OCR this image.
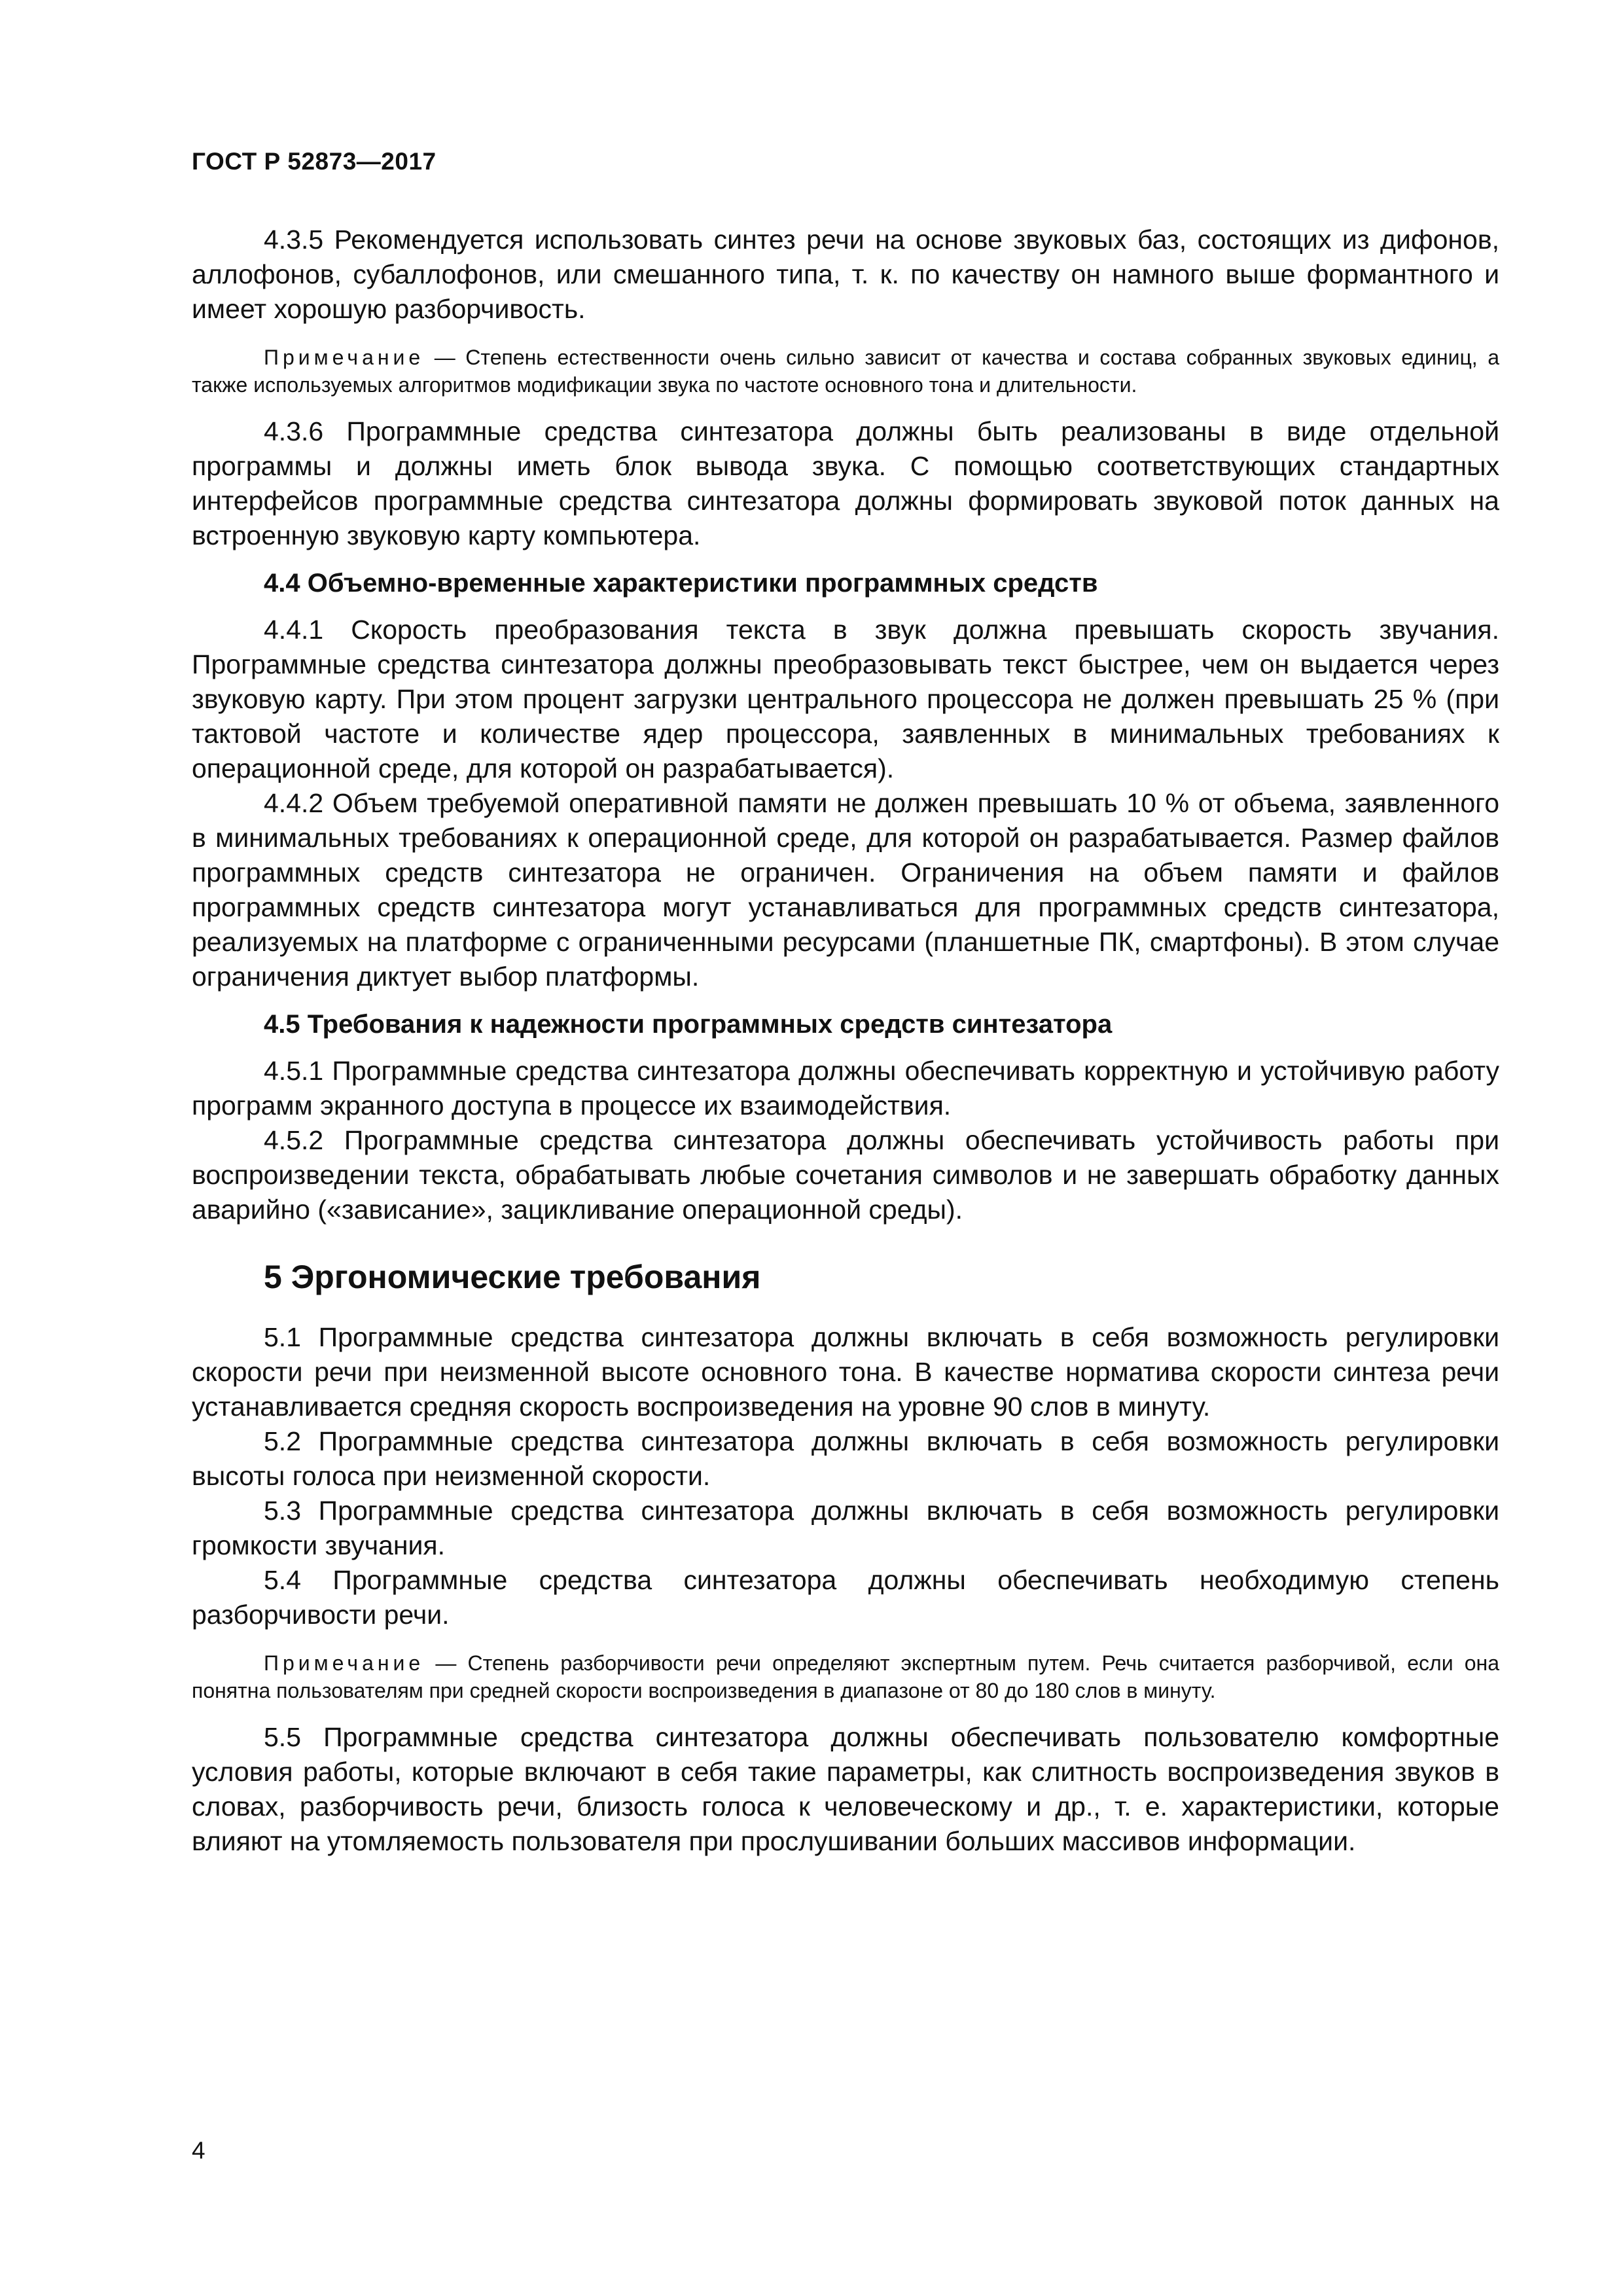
ГОСТ Р 52873—2017

4.3.5 Рекомендуется использовать синтез речи на основе звуковых баз, состоящих из дифонов, аллофонов, субаллофонов, или смешанного типа, т. к. по качеству он намного выше формантного и имеет хорошую разборчивость.

Примечание — Степень естественности очень сильно зависит от качества и состава собранных звуковых единиц, а также используемых алгоритмов модификации звука по частоте основного тона и длительности.

4.3.6 Программные средства синтезатора должны быть реализованы в виде отдельной программы и должны иметь блок вывода звука. С помощью соответствующих стандартных интерфейсов программные средства синтезатора должны формировать звуковой поток данных на встроенную звуковую карту компьютера.

4.4 Объемно-временные характеристики программных средств

4.4.1 Скорость преобразования текста в звук должна превышать скорость звучания. Программные средства синтезатора должны преобразовывать текст быстрее, чем он выдается через звуковую карту. При этом процент загрузки центрального процессора не должен превышать 25 % (при тактовой частоте и количестве ядер процессора, заявленных в минимальных требованиях к операционной среде, для которой он разрабатывается).

4.4.2 Объем требуемой оперативной памяти не должен превышать 10 % от объема, заявленного в минимальных требованиях к операционной среде, для которой он разрабатывается. Размер файлов программных средств синтезатора не ограничен. Ограничения на объем памяти и файлов программных средств синтезатора могут устанавливаться для программных средств синтезатора, реализуемых на платформе с ограниченными ресурсами (планшетные ПК, смартфоны). В этом случае ограничения диктует выбор платформы.

4.5 Требования к надежности программных средств синтезатора

4.5.1 Программные средства синтезатора должны обеспечивать корректную и устойчивую работу программ экранного доступа в процессе их взаимодействия.

4.5.2 Программные средства синтезатора должны обеспечивать устойчивость работы при воспроизведении текста, обрабатывать любые сочетания символов и не завершать обработку данных аварийно («зависание», зацикливание операционной среды).

5 Эргономические требования

5.1 Программные средства синтезатора должны включать в себя возможность регулировки скорости речи при неизменной высоте основного тона. В качестве норматива скорости синтеза речи устанавливается средняя скорость воспроизведения на уровне 90 слов в минуту.

5.2 Программные средства синтезатора должны включать в себя возможность регулировки высоты голоса при неизменной скорости.

5.3 Программные средства синтезатора должны включать в себя возможность регулировки громкости звучания.

5.4 Программные средства синтезатора должны обеспечивать необходимую степень разборчивости речи.

Примечание — Степень разборчивости речи определяют экспертным путем. Речь считается разборчивой, если она понятна пользователям при средней скорости воспроизведения в диапазоне от 80 до 180 слов в минуту.

5.5 Программные средства синтезатора должны обеспечивать пользователю комфортные условия работы, которые включают в себя такие параметры, как слитность воспроизведения звуков в словах, разборчивость речи, близость голоса к человеческому и др., т. е. характеристики, которые влияют на утомляемость пользователя при прослушивании больших массивов информации.

4
